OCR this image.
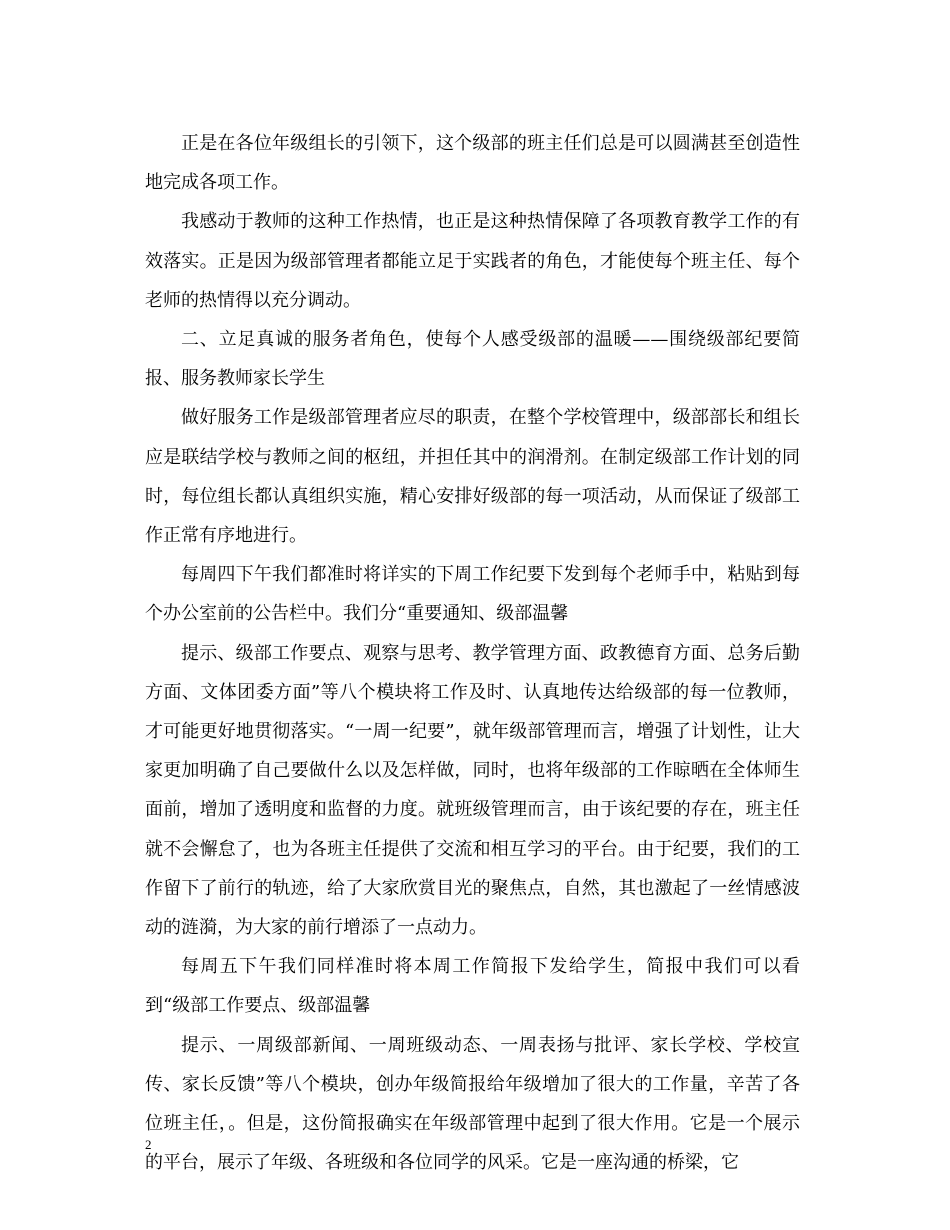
正是在各位年级组长的引领下，这个级部的班主任们总是可以圆满甚至创造性地完成各项工作。

我感动于教师的这种工作热情，也正是这种热情保障了各项教育教学工作的有效落实。正是因为级部管理者都能立足于实践者的角色，才能使每个班主任、每个老师的热情得以充分调动。

二、立足真诚的服务者角色，使每个人感受级部的温暖——围绕级部纪要简报、服务教师家长学生

做好服务工作是级部管理者应尽的职责，在整个学校管理中，级部部长和组长应是联结学校与教师之间的枢纽，并担任其中的润滑剂。在制定级部工作计划的同时，每位组长都认真组织实施，精心安排好级部的每一项活动，从而保证了级部工作正常有序地进行。

每周四下午我们都准时将详实的下周工作纪要下发到每个老师手中，粘贴到每个办公室前的公告栏中。我们分“重要通知、级部温馨

提示、级部工作要点、观察与思考、教学管理方面、政教德育方面、总务后勤方面、文体团委方面”等八个模块将工作及时、认真地传达给级部的每一位教师，才可能更好地贯彻落实。“一周一纪要”，就年级部管理而言，增强了计划性，让大家更加明确了自己要做什么以及怎样做，同时，也将年级部的工作晾晒在全体师生面前，增加了透明度和监督的力度。就班级管理而言，由于该纪要的存在，班主任就不会懈怠了，也为各班主任提供了交流和相互学习的平台。由于纪要，我们的工作留下了前行的轨迹，给了大家欣赏目光的聚焦点，自然，其也激起了一丝情感波动的涟漪，为大家的前行增添了一点动力。

每周五下午我们同样准时将本周工作简报下发给学生，简报中我们可以看到“级部工作要点、级部温馨

提示、一周级部新闻、一周班级动态、一周表扬与批评、家长学校、学校宣传、家长反馈”等八个模块，创办年级简报给年级增加了很大的工作量，辛苦了各位班主任，。但是，这份简报确实在年级部管理中起到了很大作用。它是一个展示的平台，展示了年级、各班级和各位同学的风采。它是一座沟通的桥梁，它

2
